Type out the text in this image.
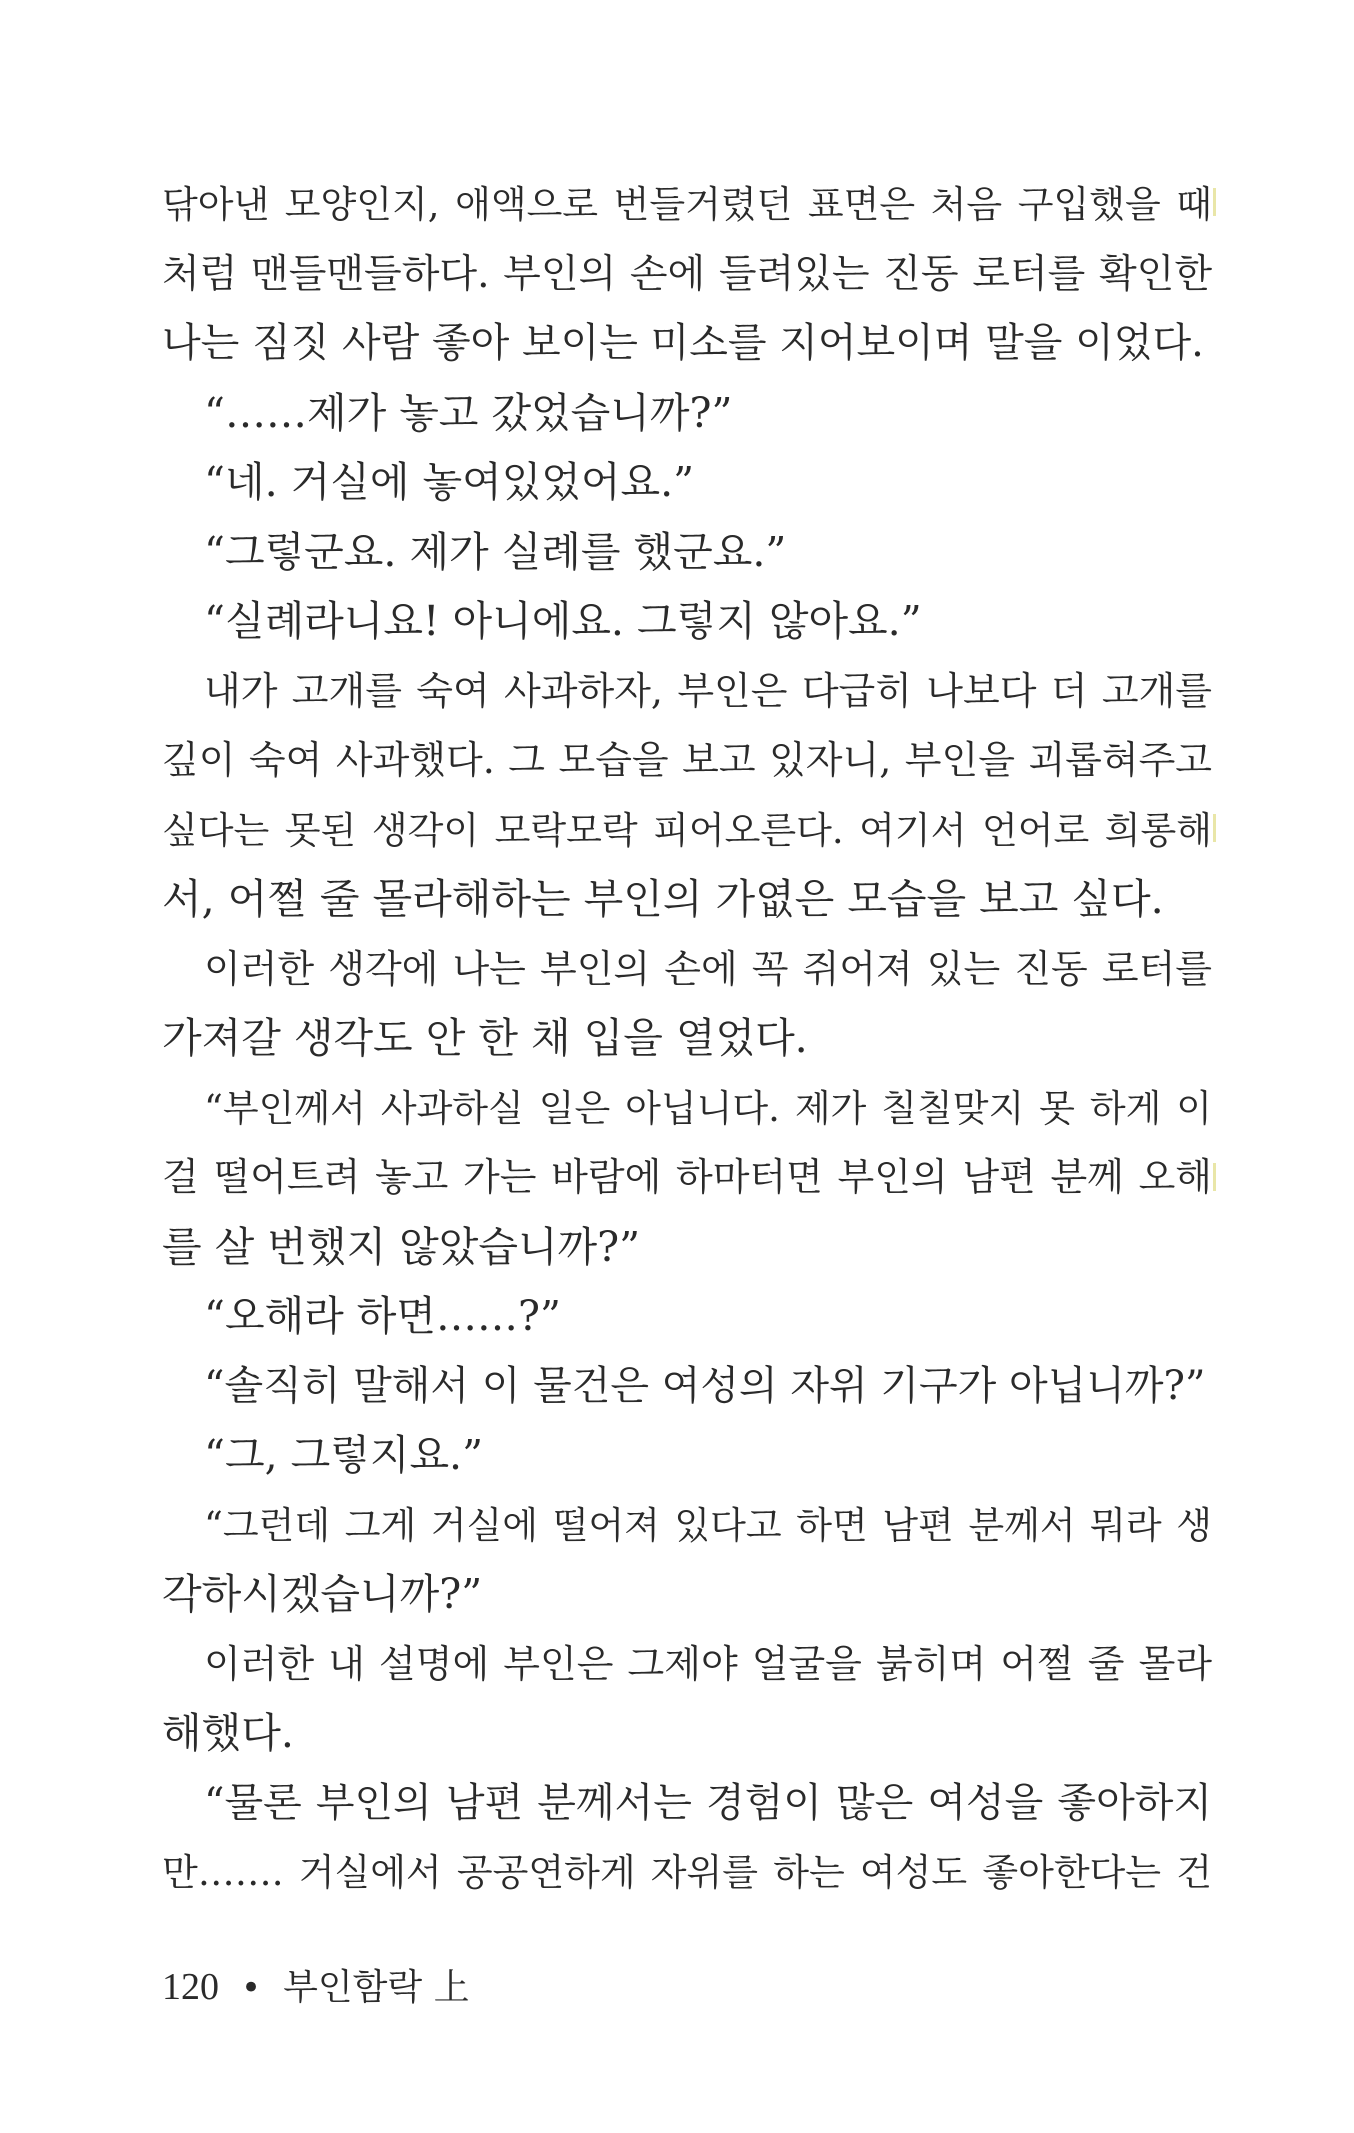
닦아낸 모양인지, 애액으로 번들거렸던 표면은 처음 구입했을 때
처럼 맨들맨들하다. 부인의 손에 들려있는 진동 로터를 확인한
나는 짐짓 사람 좋아 보이는 미소를 지어보이며 말을 이었다.
“……제가 놓고 갔었습니까?”
“네. 거실에 놓여있었어요.”
“그렇군요. 제가 실례를 했군요.”
“실례라니요! 아니에요. 그렇지 않아요.”
내가 고개를 숙여 사과하자, 부인은 다급히 나보다 더 고개를
깊이 숙여 사과했다. 그 모습을 보고 있자니, 부인을 괴롭혀주고
싶다는 못된 생각이 모락모락 피어오른다. 여기서 언어로 희롱해
서, 어쩔 줄 몰라해하는 부인의 가엾은 모습을 보고 싶다.
이러한 생각에 나는 부인의 손에 꼭 쥐어져 있는 진동 로터를
가져갈 생각도 안 한 채 입을 열었다.
“부인께서 사과하실 일은 아닙니다. 제가 칠칠맞지 못 하게 이
걸 떨어트려 놓고 가는 바람에 하마터면 부인의 남편 분께 오해
를 살 번했지 않았습니까?”
“오해라 하면……?”
“솔직히 말해서 이 물건은 여성의 자위 기구가 아닙니까?”
“그, 그렇지요.”
“그런데 그게 거실에 떨어져 있다고 하면 남편 분께서 뭐라 생
각하시겠습니까?”
이러한 내 설명에 부인은 그제야 얼굴을 붉히며 어쩔 줄 몰라
해했다.
“물론 부인의 남편 분께서는 경험이 많은 여성을 좋아하지
만……. 거실에서 공공연하게 자위를 하는 여성도 좋아한다는 건
120 • 부인함락 上
